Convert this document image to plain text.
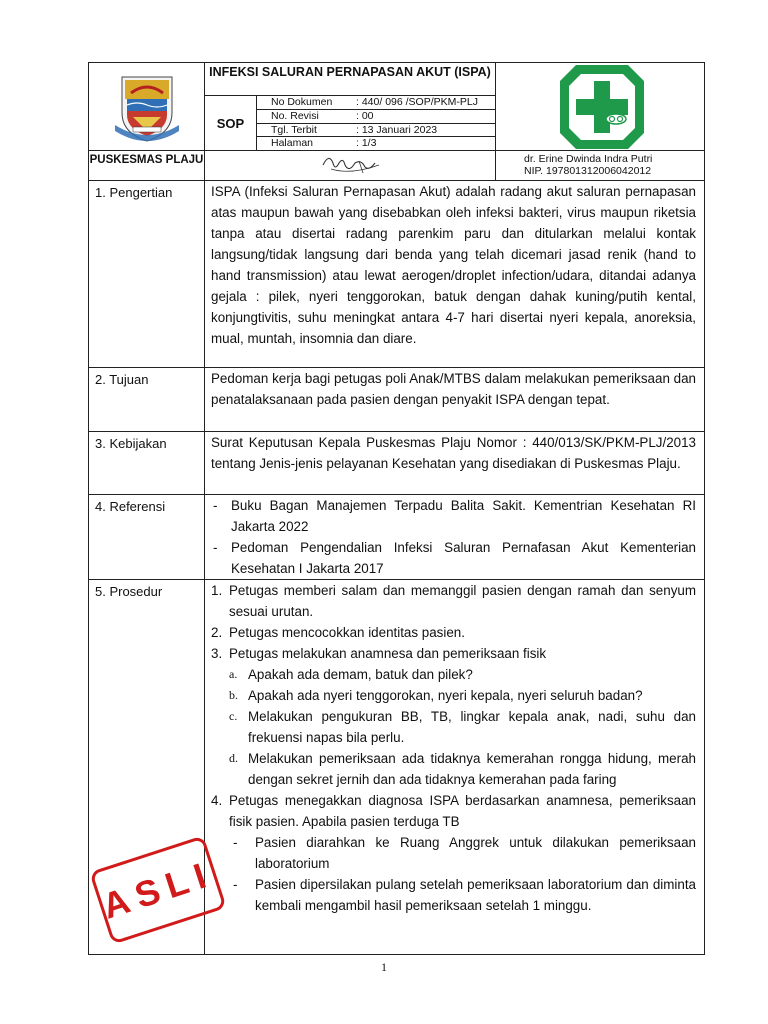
INFEKSI SALURAN PERNAPASAN AKUT (ISPA)
SOP
No Dokumen	: 440/ 096 /SOP/PKM-PLJ
No. Revisi	: 00
Tgl. Terbit	: 13 Januari 2023
Halaman	: 1/3
PUSKESMAS PLAJU	dr. Erine Dwinda Indra Putri
NIP. 197801312006042012
1. Pengertian	ISPA (Infeksi Saluran Pernapasan Akut) adalah radang akut saluran pernapasan atas maupun bawah yang disebabkan oleh infeksi bakteri, virus maupun riketsia tanpa atau disertai radang parenkim paru dan ditularkan melalui kontak langsung/tidak langsung dari benda yang telah dicemari jasad renik (hand to hand transmission) atau lewat aerogen/droplet infection/udara, ditandai adanya gejala : pilek, nyeri tenggorokan, batuk dengan dahak kuning/putih kental, konjungtivitis, suhu meningkat antara 4-7 hari disertai nyeri kepala, anoreksia, mual, muntah, insomnia dan diare.
2. Tujuan	Pedoman kerja bagi petugas poli Anak/MTBS dalam melakukan pemeriksaan dan penatalaksanaan pada pasien dengan penyakit ISPA dengan tepat.
3. Kebijakan	Surat Keputusan Kepala Puskesmas Plaju Nomor : 440/013/SK/PKM-PLJ/2013 tentang Jenis-jenis pelayanan Kesehatan yang disediakan di Puskesmas Plaju.
4. Referensi	-	Buku Bagan Manajemen Terpadu Balita Sakit. Kementrian Kesehatan RI Jakarta 2022
-	Pedoman Pengendalian Infeksi Saluran Pernafasan Akut Kementerian Kesehatan I Jakarta 2017
5. Prosedur	1. Petugas memberi salam dan memanggil pasien dengan ramah dan senyum sesuai urutan.
2. Petugas mencocokkan identitas pasien.
3. Petugas melakukan anamnesa dan pemeriksaan fisik
a. Apakah ada demam, batuk dan pilek?
b. Apakah ada nyeri tenggorokan, nyeri kepala, nyeri seluruh badan?
c. Melakukan pengukuran BB, TB, lingkar kepala anak, nadi, suhu dan frekuensi napas bila perlu.
d. Melakukan pemeriksaan ada tidaknya kemerahan rongga hidung, merah dengan sekret jernih dan ada tidaknya kemerahan pada faring
4. Petugas menegakkan diagnosa ISPA berdasarkan anamnesa, pemeriksaan fisik pasien. Apabila pasien terduga TB
-	Pasien diarahkan ke Ruang Anggrek untuk dilakukan pemeriksaan laboratorium
-	Pasien dipersilakan pulang setelah pemeriksaan laboratorium dan diminta kembali mengambil hasil pemeriksaan setelah 1 minggu.
ASLI
1
